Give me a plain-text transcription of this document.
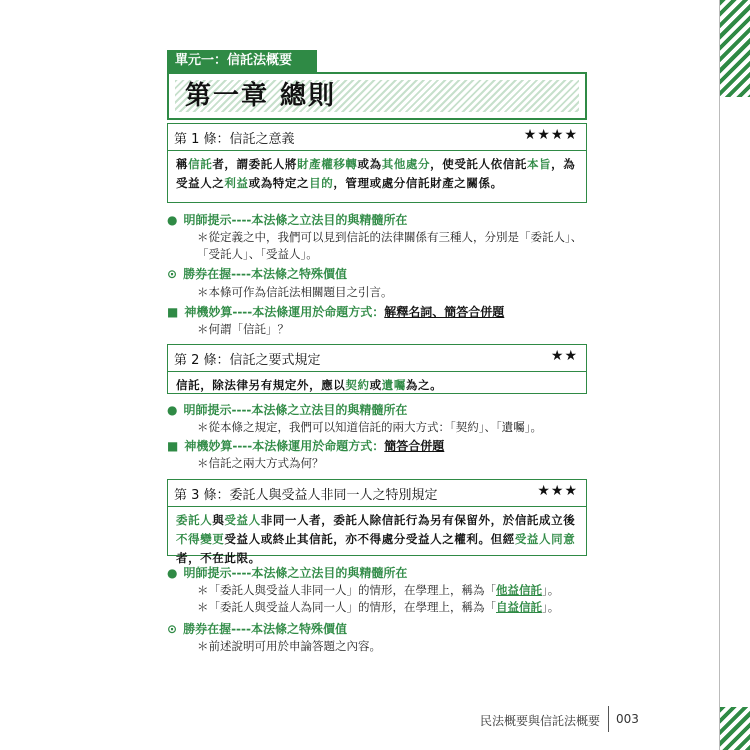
單元一：信託法概要
第一章 總則
第 1 條：信託之意義	★★★★
稱信託者，謂委託人將財產權移轉或為其他處分，使受託人依信託本旨，為受益人之利益或為特定之目的，管理或處分信託財產之關係。
● 明師提示----本法條之立法目的與精髓所在
＊從定義之中，我們可以見到信託的法律關係有三種人，分別是「委託人」、「受託人」、「受益人」。
⊙ 勝券在握----本法條之特殊價值
＊本條可作為信託法相關題目之引言。
■ 神機妙算----本法條運用於命題方式：解釋名詞、簡答合併題
＊何謂「信託」？
第 2 條：信託之要式規定	★★
信託，除法律另有規定外，應以契約或遺囑為之。
● 明師提示----本法條之立法目的與精髓所在
＊從本條之規定，我們可以知道信託的兩大方式：「契約」、「遺囑」。
■ 神機妙算----本法條運用於命題方式：簡答合併題
＊信託之兩大方式為何？
第 3 條：委託人與受益人非同一人之特別規定	★★★
委託人與受益人非同一人者，委託人除信託行為另有保留外，於信託成立後不得變更受益人或終止其信託，亦不得處分受益人之權利。但經受益人同意者，不在此限。
● 明師提示----本法條之立法目的與精髓所在
＊「委託人與受益人非同一人」的情形，在學理上，稱為「他益信託」。
＊「委託人與受益人為同一人」的情形，在學理上，稱為「自益信託」。
⊙ 勝券在握----本法條之特殊價值
＊前述說明可用於申論答題之內容。
民法概要與信託法概要 003
